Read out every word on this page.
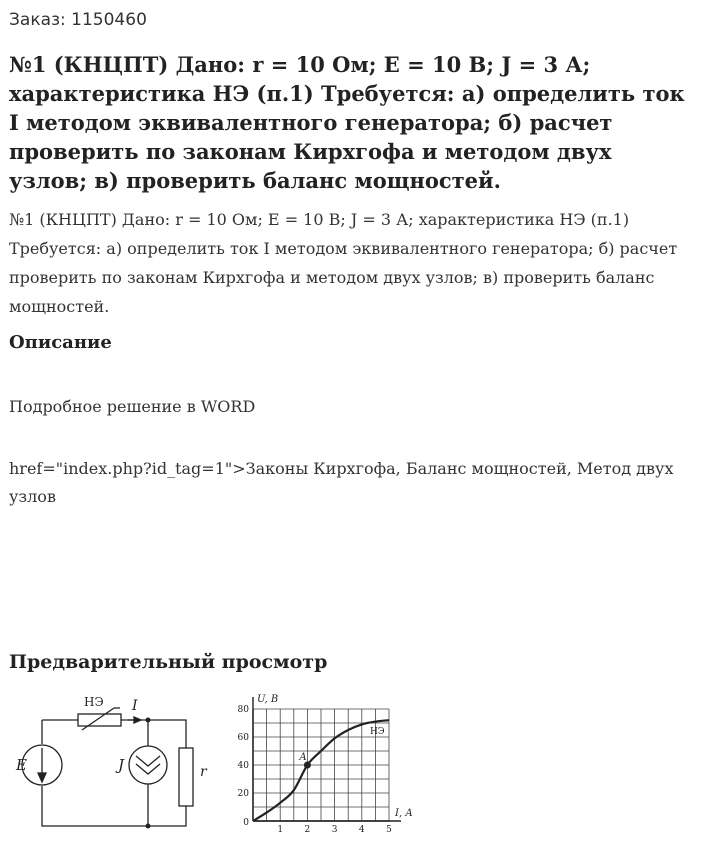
Заказ: 1150460
№1 (КНЦПТ) Дано: r = 10 Ом; E = 10 В; J = 3 А; характеристика НЭ (п.1) Требуется: а) определить ток I методом эквивалентного генератора; б) расчет проверить по законам Кирхгофа и методом двух узлов; в) проверить баланс мощностей.

№1 (КНЦПТ) Дано: r = 10 Ом; E = 10 В; J = 3 А; характеристика НЭ (п.1) Требуется: а) определить ток I методом эквивалентного генератора; б) расчет проверить по законам Кирхгофа и методом двух узлов; в) проверить баланс мощностей.

Описание

Подробное решение в WORD

href="index.php?id_tag=1">Законы Кирхгофа, Баланс мощностей, Метод двух узлов

Предварительный просмотр
НЭ I
E	J	r
1 2 3 4 5
0
20
40
60
80
A
U, В
I, А
НЭ
